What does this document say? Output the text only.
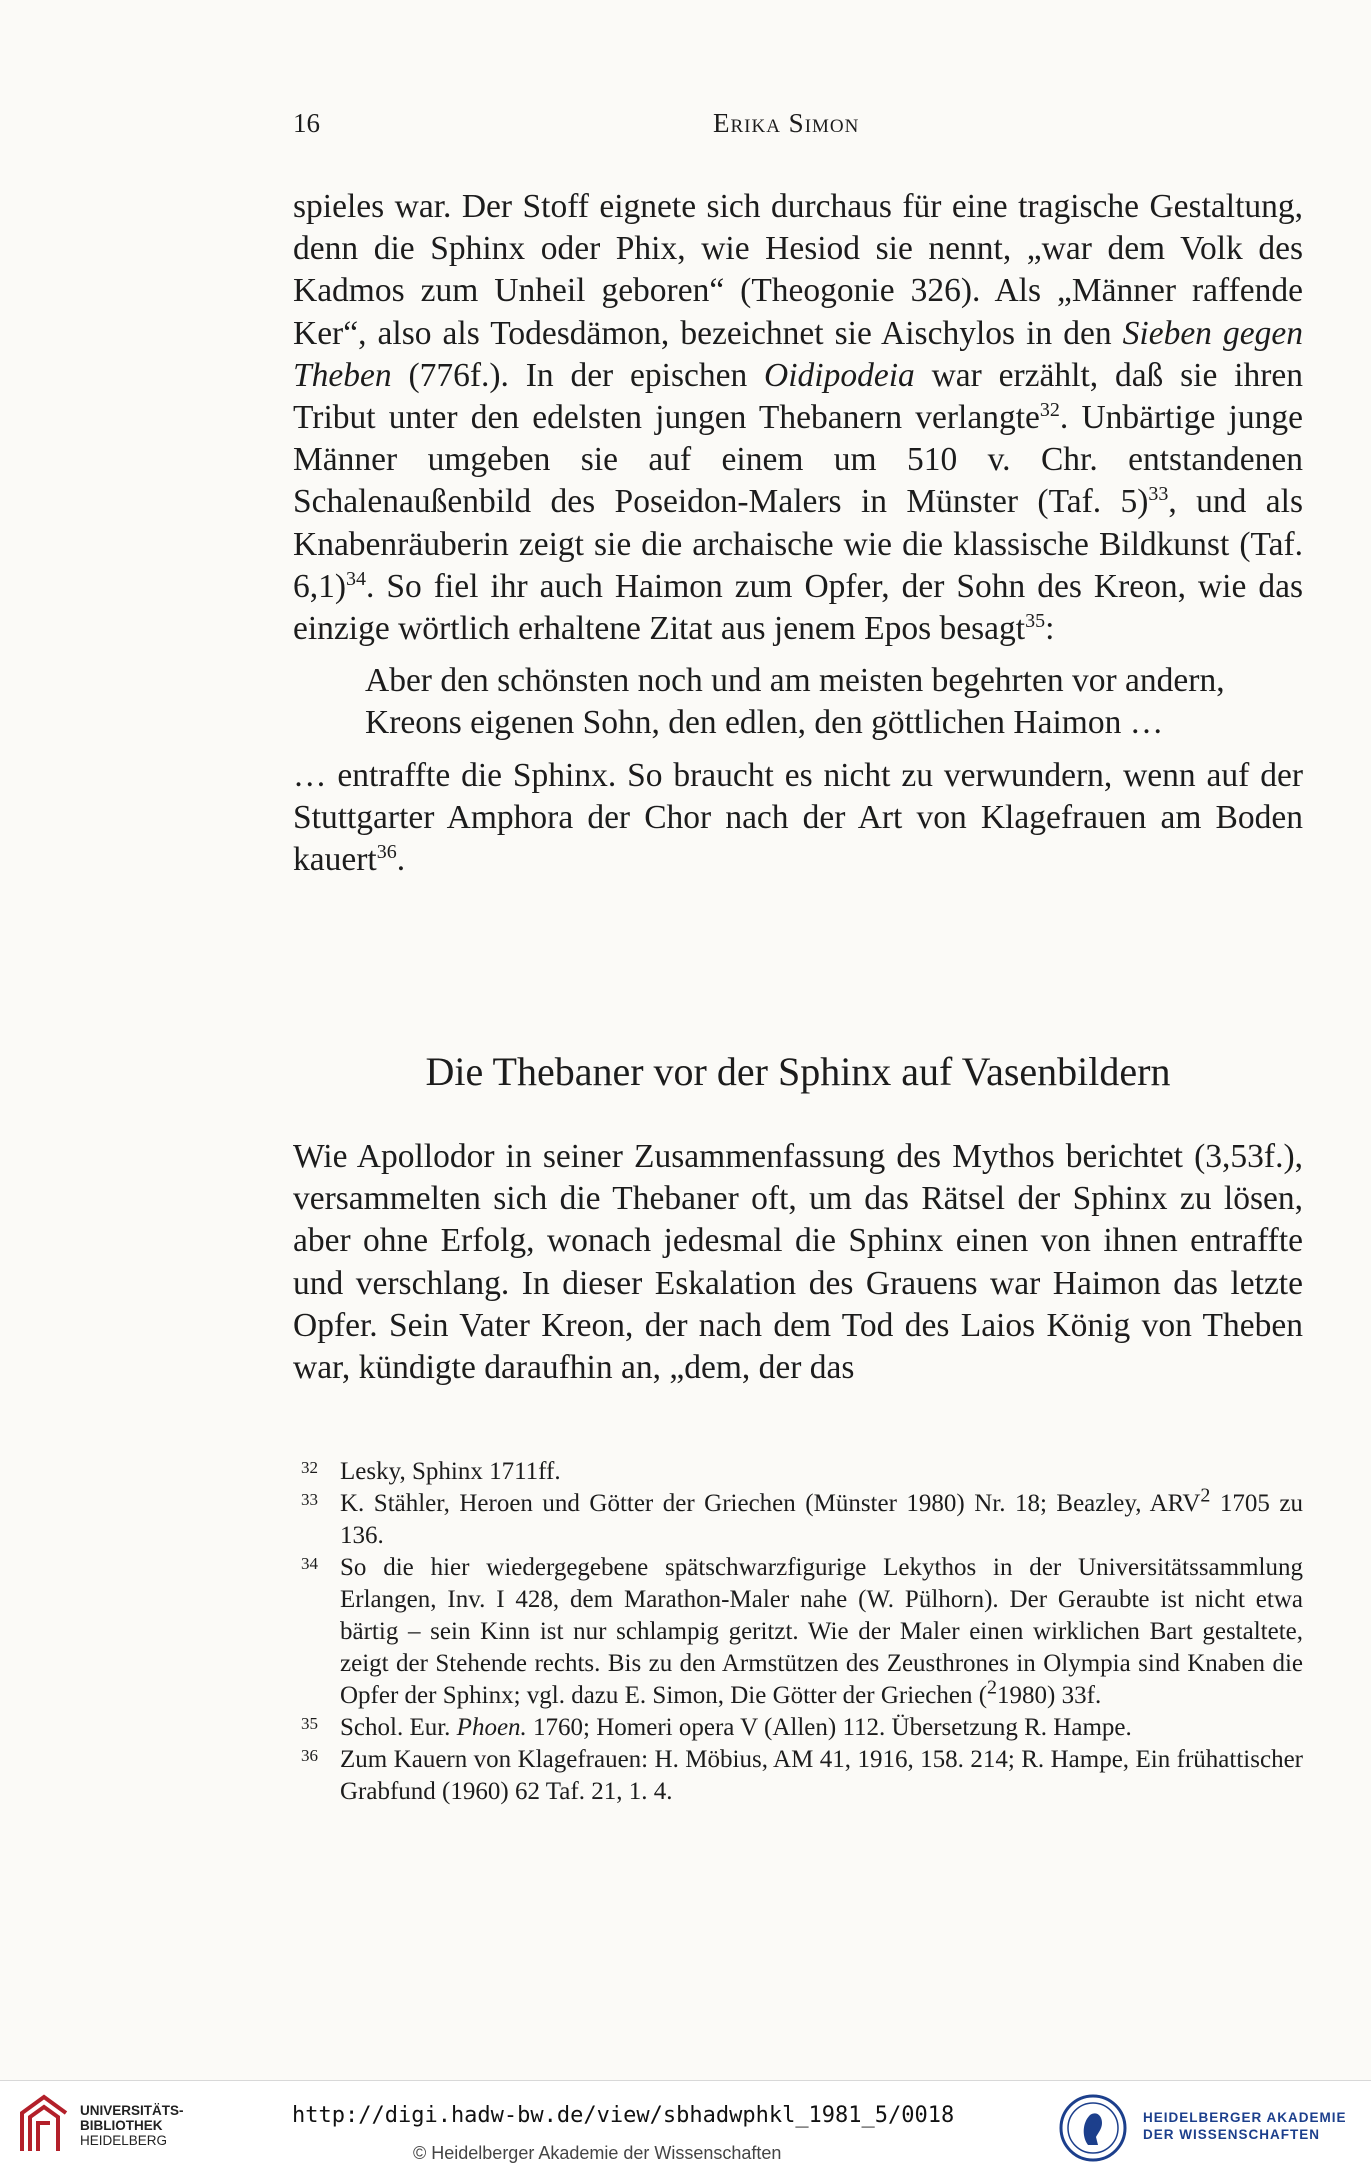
16	Erika Simon

spieles war. Der Stoff eignete sich durchaus für eine tragische Gestaltung, denn die Sphinx oder Phix, wie Hesiod sie nennt, „war dem Volk des Kadmos zum Unheil geboren“ (Theogonie 326). Als „Männer raffende Ker“, also als Todesdämon, bezeichnet sie Aischylos in den Sieben gegen Theben (776f.). In der epischen Oidipodeia war erzählt, daß sie ihren Tribut unter den edelsten jungen Thebanern verlangte$^{32}$. Unbärtige junge Männer umgeben sie auf einem um 510 v. Chr. entstandenen Schalenaußenbild des Poseidon-Malers in Münster (Taf. 5)$^{33}$, und als Knabenräuberin zeigt sie die archaische wie die klassische Bildkunst (Taf. 6,1)$^{34}$. So fiel ihr auch Haimon zum Opfer, der Sohn des Kreon, wie das einzige wörtlich erhaltene Zitat aus jenem Epos besagt$^{35}$:

Aber den schönsten noch und am meisten begehrten vor andern, Kreons eigenen Sohn, den edlen, den göttlichen Haimon …

… entraffte die Sphinx. So braucht es nicht zu verwundern, wenn auf der Stuttgarter Amphora der Chor nach der Art von Klagefrauen am Boden kauert$^{36}$.

Die Thebaner vor der Sphinx auf Vasenbildern

Wie Apollodor in seiner Zusammenfassung des Mythos berichtet (3,53f.), versammelten sich die Thebaner oft, um das Rätsel der Sphinx zu lösen, aber ohne Erfolg, wonach jedesmal die Sphinx einen von ihnen entraffte und verschlang. In dieser Eskalation des Grauens war Haimon das letzte Opfer. Sein Vater Kreon, der nach dem Tod des Laios König von Theben war, kündigte daraufhin an, „dem, der das

32 Lesky, Sphinx 1711ff.
33 K. Stähler, Heroen und Götter der Griechen (Münster 1980) Nr. 18; Beazley, ARV$^2$ 1705 zu 136.
34 So die hier wiedergegebene spätschwarzfigurige Lekythos in der Universitätssammlung Erlangen, Inv. I 428, dem Marathon-Maler nahe (W. Pülhorn). Der Geraubte ist nicht etwa bärtig – sein Kinn ist nur schlampig geritzt. Wie der Maler einen wirklichen Bart gestaltete, zeigt der Stehende rechts. Bis zu den Armstützen des Zeusthrones in Olympia sind Knaben die Opfer der Sphinx; vgl. dazu E. Simon, Die Götter der Griechen ($^2$1980) 33f.
35 Schol. Eur. Phoen. 1760; Homeri opera V (Allen) 112. Übersetzung R. Hampe.
36 Zum Kauern von Klagefrauen: H. Möbius, AM 41, 1916, 158. 214; R. Hampe, Ein frühattischer Grabfund (1960) 62 Taf. 21, 1. 4.
UNIVERSITÄTS-
BIBLIOTHEK
HEIDELBERG
http://digi.hadw-bw.de/view/sbhadwphkl_1981_5/0018
© Heidelberger Akademie der Wissenschaften
HEIDELBERGER AKADEMIE
DER WISSENSCHAFTEN
